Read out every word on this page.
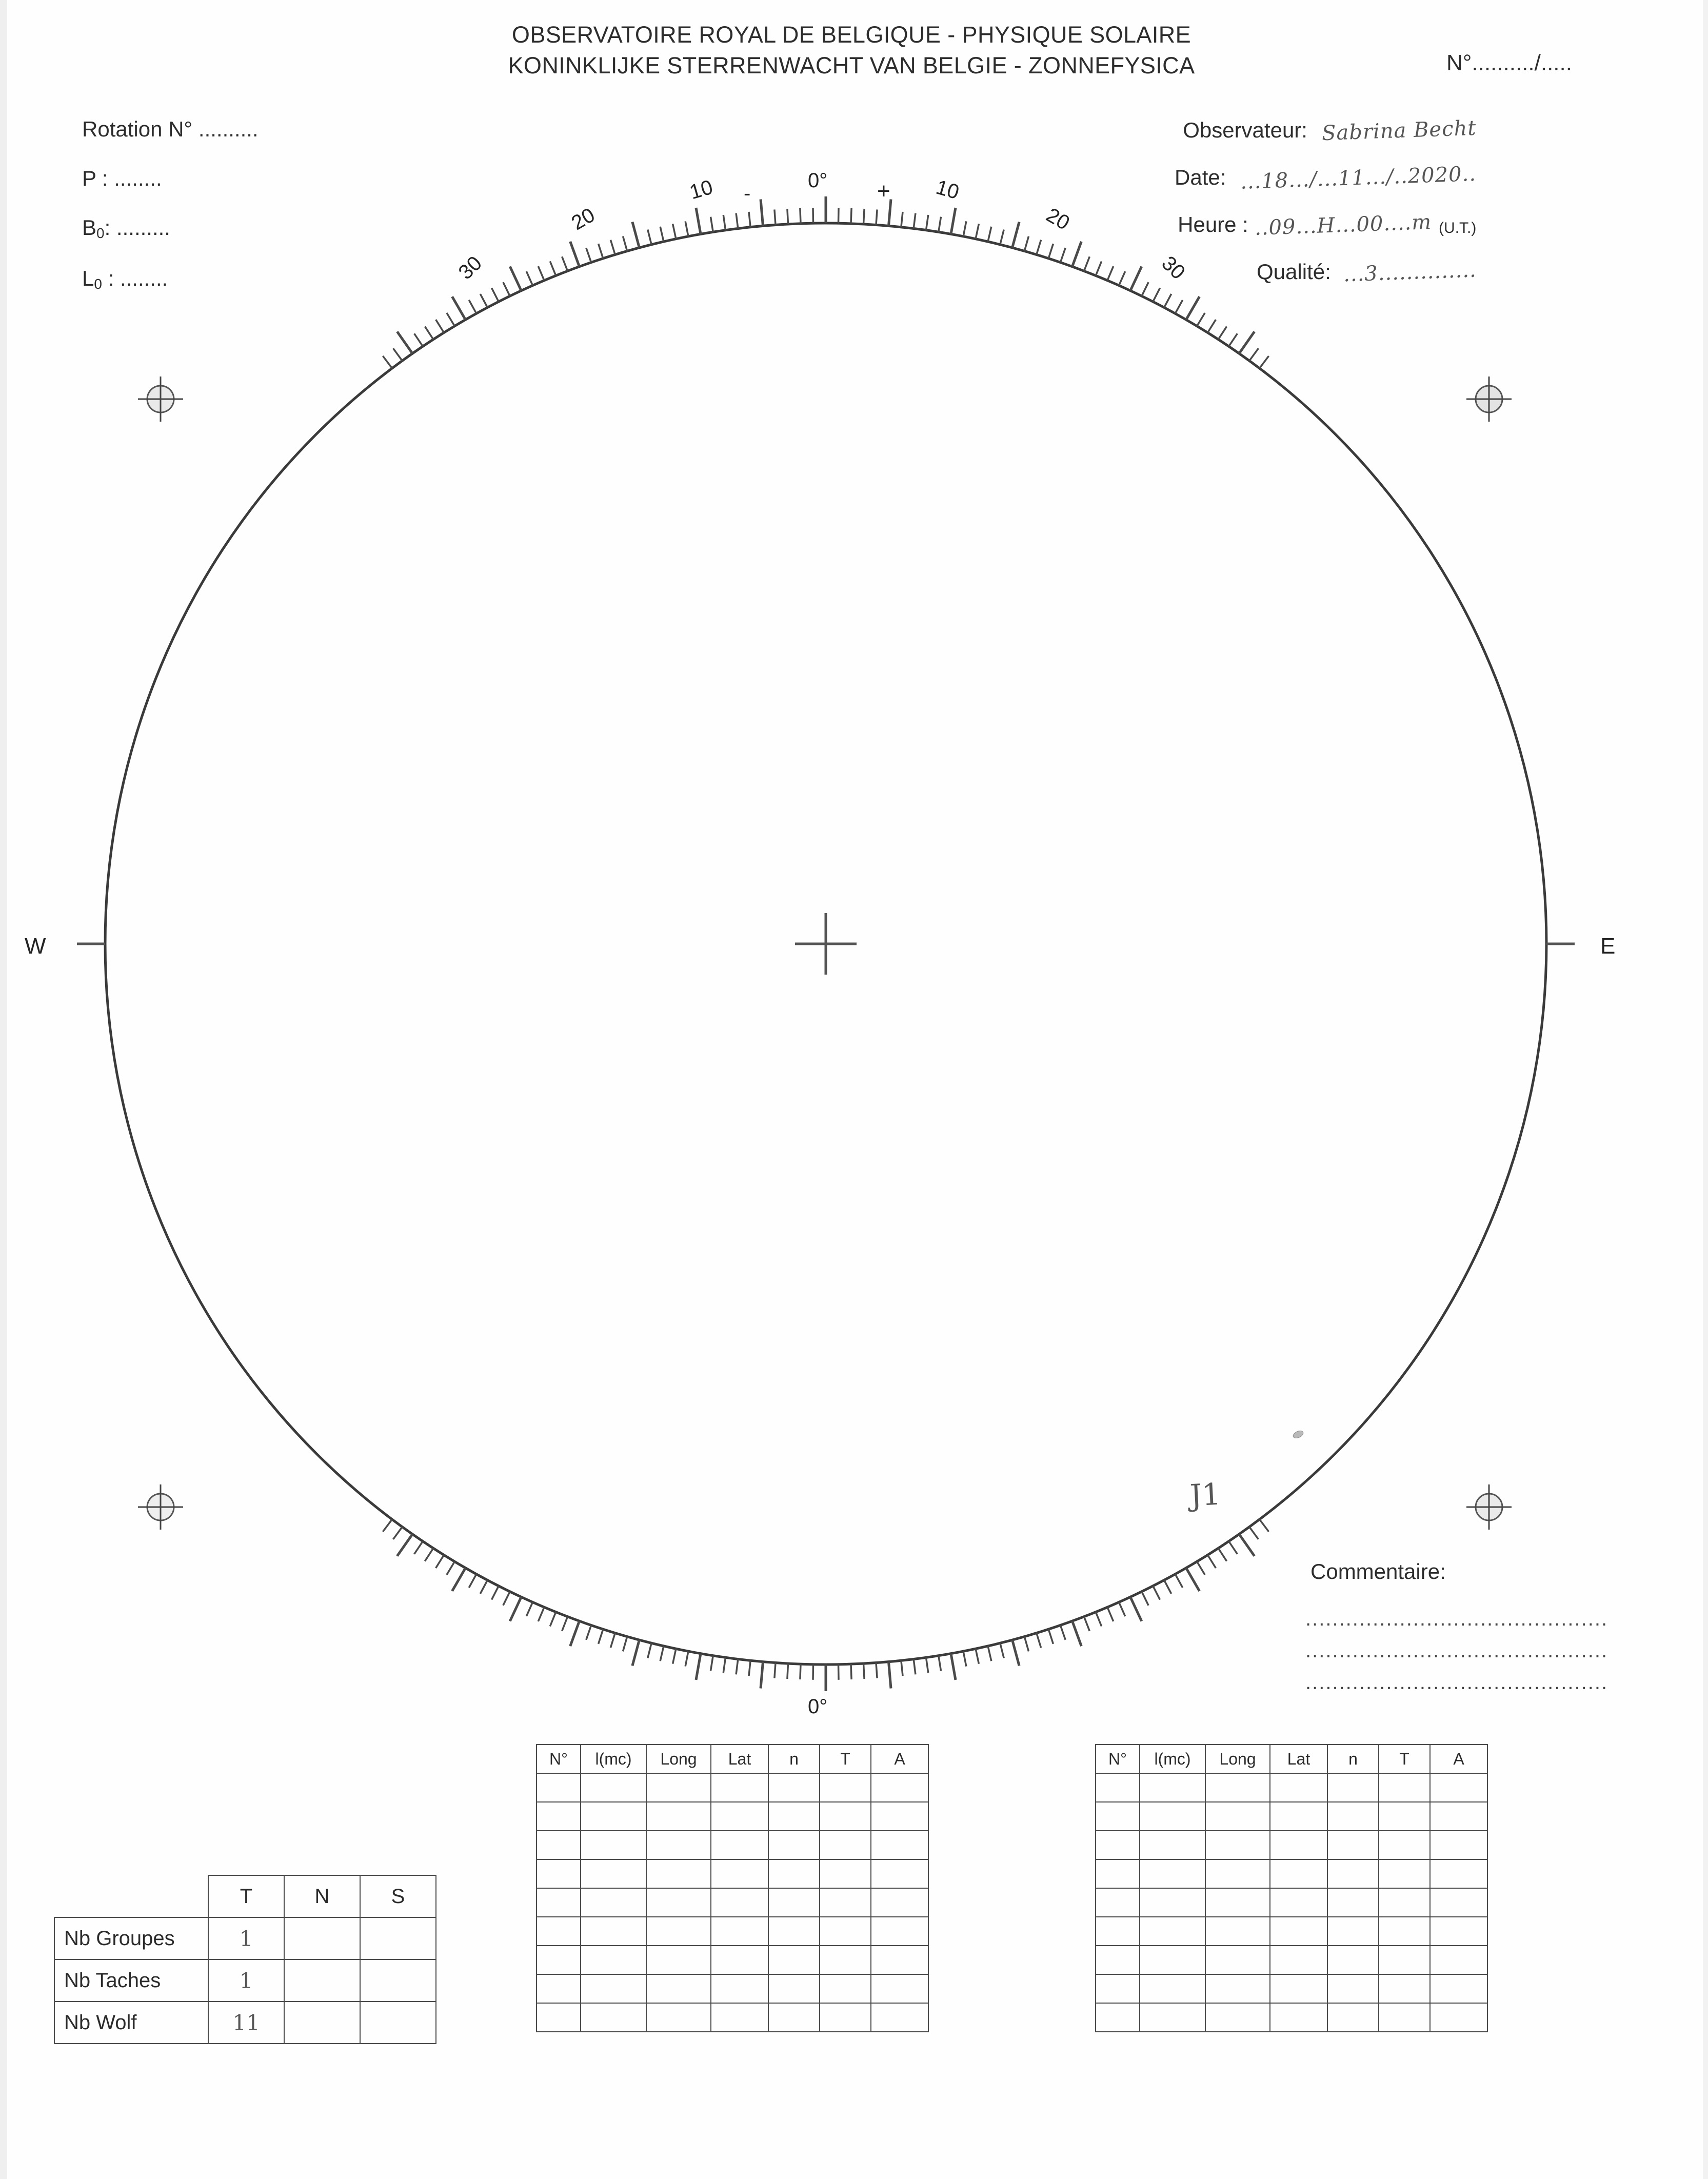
OBSERVATOIRE ROYAL DE BELGIQUE - PHYSIQUE SOLAIRE
KONINKLIJKE STERRENWACHT VAN BELGIE - ZONNEFYSICA	N°........../.....
Rotation N° ..........
P : ........
$B_0$: .........
$L_0$ : ........
Observateur: Sabrina Becht
Date: ...18.../...11.../..2020..
Heure : ..09...H...00....m (U.T.)
Qualité: ...3..............
0°
-	+
10	10
20	20
30	30
0°
W	E
J1
Commentaire:
.............................................
.............................................
.............................................
N°	l(mc)	Long	Lat	n	T	A

							N°	l(mc)	Long	Lat	n	T	A

	T	N	S
Nb Groupes	1		
Nb Taches	1		
Nb Wolf	11		
